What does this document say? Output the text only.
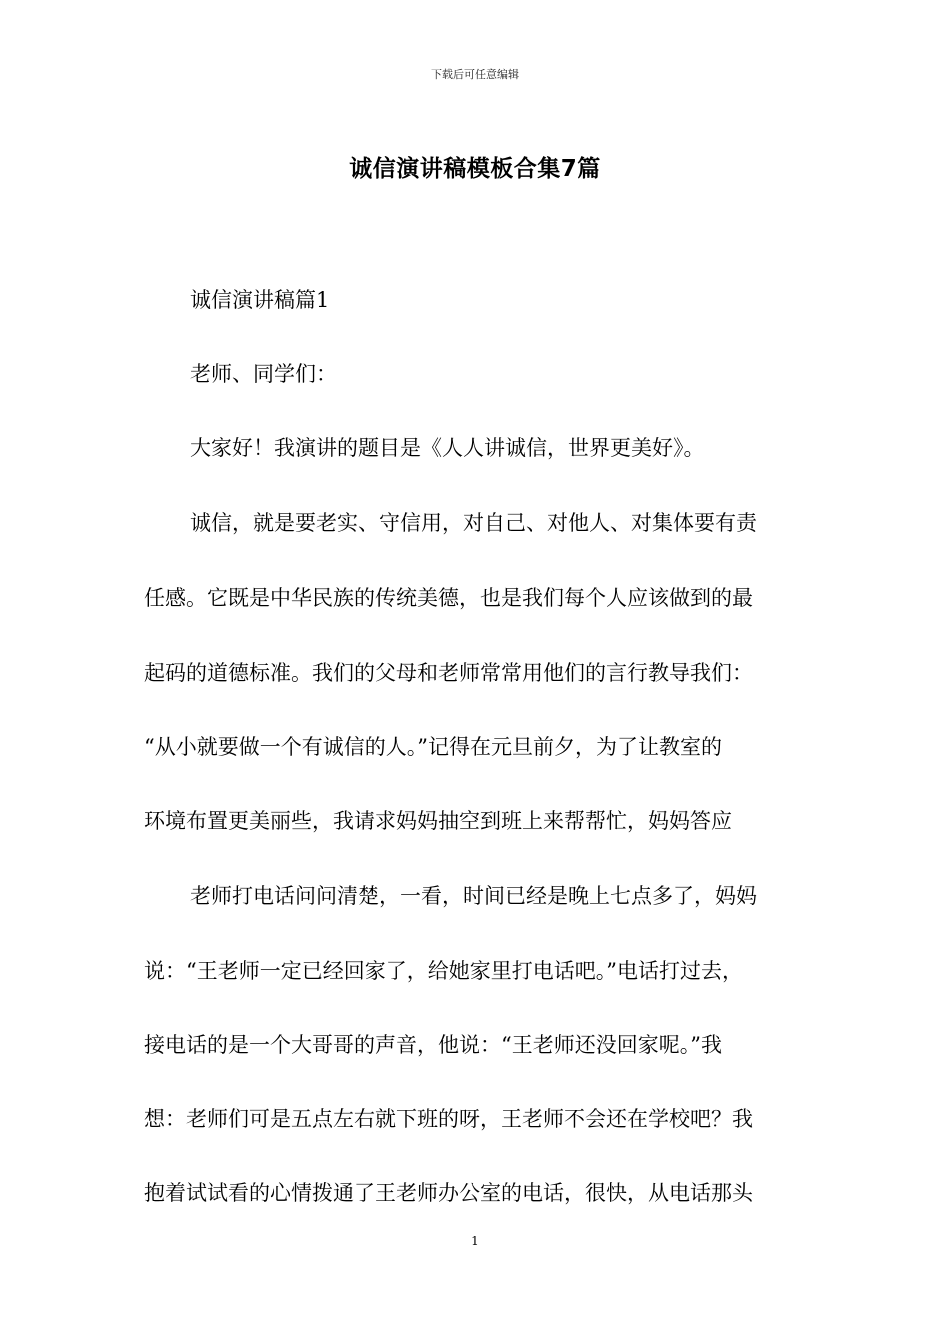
下载后可任意编辑
诚信演讲稿模板合集7篇
诚信演讲稿篇1
老师、同学们：
大家好！我演讲的题目是《人人讲诚信，世界更美好》。
诚信，就是要老实、守信用，对自己、对他人、对集体要有责
任感。它既是中华民族的传统美德，也是我们每个人应该做到的最
起码的道德标准。我们的父母和老师常常用他们的言行教导我们：
“从小就要做一个有诚信的人。”记得在元旦前夕，为了让教室的
环境布置更美丽些，我请求妈妈抽空到班上来帮帮忙，妈妈答应
老师打电话问问清楚，一看，时间已经是晚上七点多了，妈妈
说：“王老师一定已经回家了，给她家里打电话吧。”电话打过去，
接电话的是一个大哥哥的声音，他说：“王老师还没回家呢。”我
想：老师们可是五点左右就下班的呀，王老师不会还在学校吧？我
抱着试试看的心情拨通了王老师办公室的电话，很快，从电话那头
1
